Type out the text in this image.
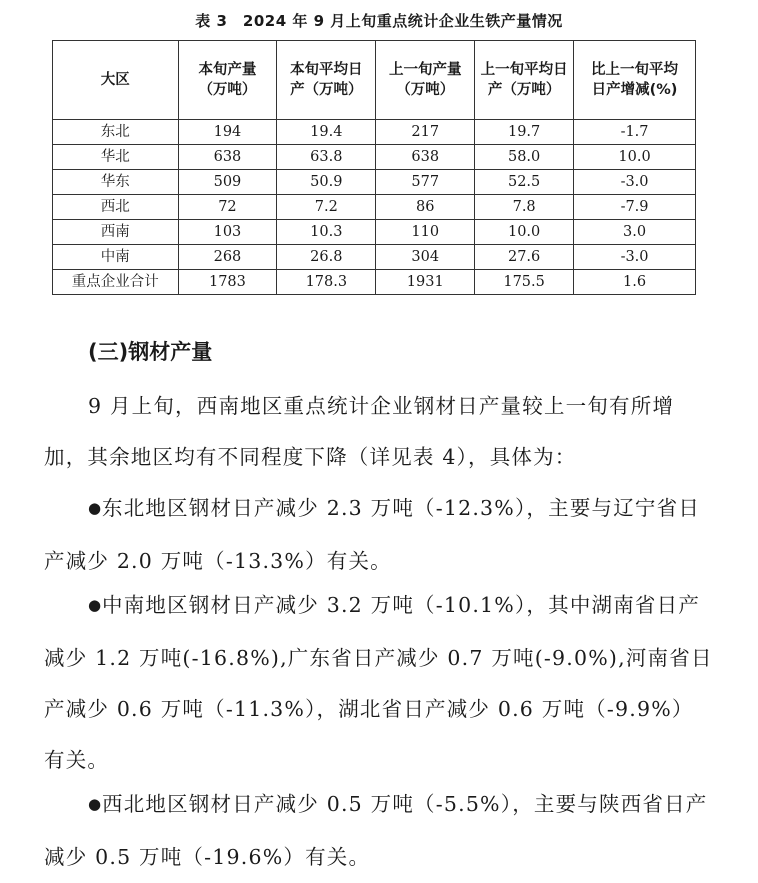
表 3　2024 年 9 月上旬重点统计企业生铁产量情况
大区	本旬产量（万吨）	本旬平均日产（万吨）	上一旬产量（万吨）	上一旬平均日产（万吨）	比上一旬平均日产增减(%)
东北	194	19.4	217	19.7	-1.7
华北	638	63.8	638	58.0	10.0
华东	509	50.9	577	52.5	-3.0
西北	72	7.2	86	7.8	-7.9
西南	103	10.3	110	10.0	3.0
中南	268	26.8	304	27.6	-3.0
重点企业合计	1783	178.3	1931	175.5	1.6
(三)钢材产量

9 月上旬，西南地区重点统计企业钢材日产量较上一旬有所增加，其余地区均有不同程度下降（详见表 4），具体为：

●东北地区钢材日产减少 2.3 万吨（-12.3%），主要与辽宁省日产减少 2.0 万吨（-13.3%）有关。

●中南地区钢材日产减少 3.2 万吨（-10.1%），其中湖南省日产减少 1.2 万吨(-16.8%),广东省日产减少 0.7 万吨(-9.0%),河南省日产减少 0.6 万吨（-11.3%），湖北省日产减少 0.6 万吨（-9.9%）有关。

●西北地区钢材日产减少 0.5 万吨（-5.5%），主要与陕西省日产减少 0.5 万吨（-19.6%）有关。
